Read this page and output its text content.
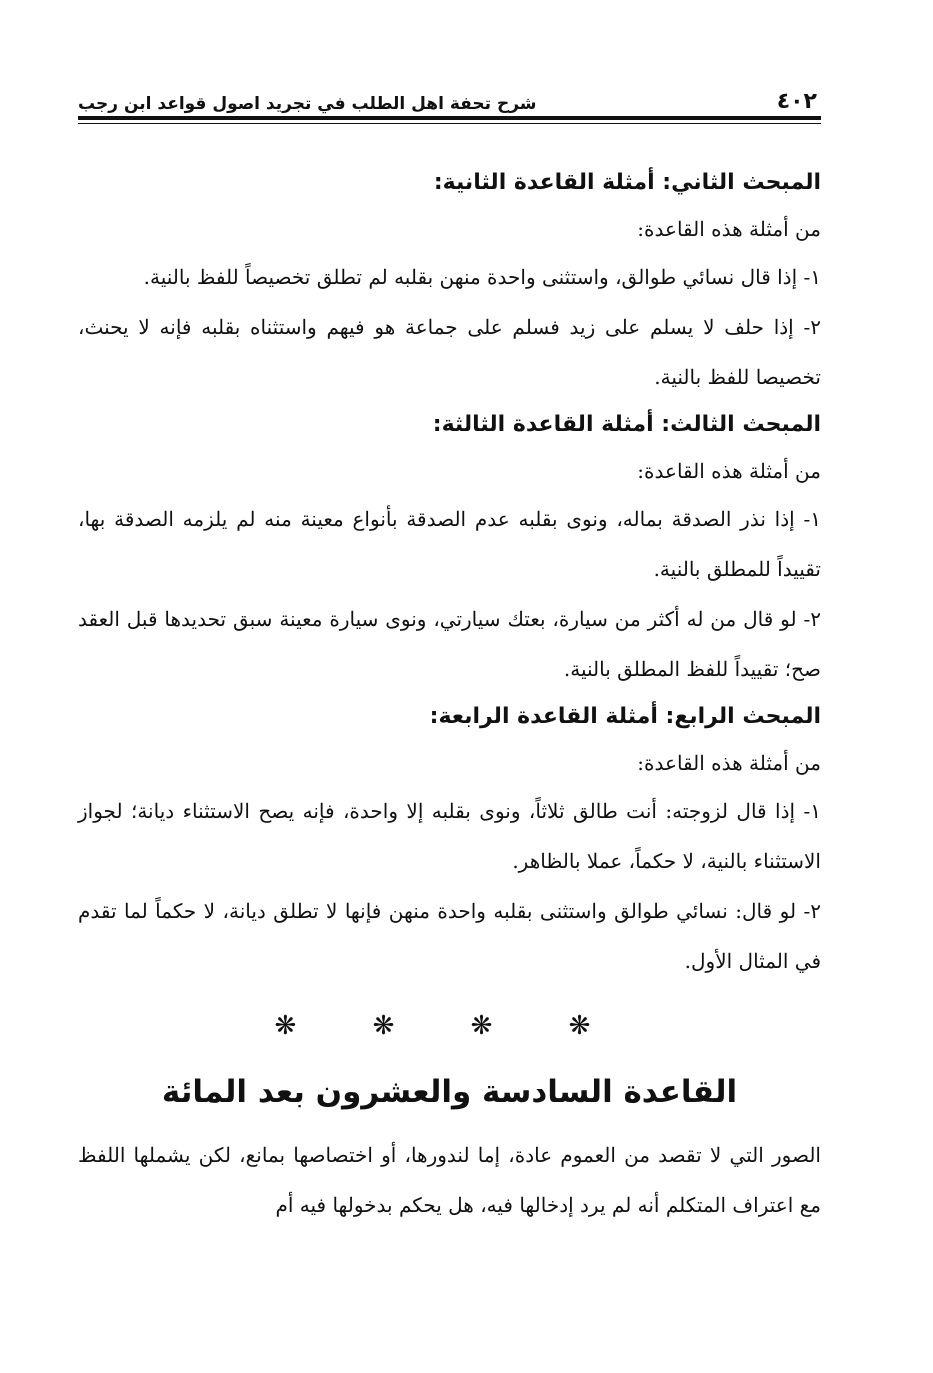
٤٠٢
شرح تحفة اهل الطلب في تجريد اصول قواعد ابن رجب
المبحث الثاني: أمثلة القاعدة الثانية:

من أمثلة هذه القاعدة:

١- إذا قال نسائي طوالق، واستثنى واحدة منهن بقلبه لم تطلق تخصيصاً للفظ بالنية.

٢- إذا حلف لا يسلم على زيد فسلم على جماعة هو فيهم واستثناه بقلبه فإنه لا يحنث، تخصيصا للفظ بالنية.

المبحث الثالث: أمثلة القاعدة الثالثة:

من أمثلة هذه القاعدة:

١- إذا نذر الصدقة بماله، ونوى بقلبه عدم الصدقة بأنواع معينة منه لم يلزمه الصدقة بها، تقييداً للمطلق بالنية.

٢- لو قال من له أكثر من سيارة، بعتك سيارتي، ونوى سيارة معينة سبق تحديدها قبل العقد صح؛ تقييداً للفظ المطلق بالنية.

المبحث الرابع: أمثلة القاعدة الرابعة:

من أمثلة هذه القاعدة:

١- إذا قال لزوجته: أنت طالق ثلاثاً، ونوى بقلبه إلا واحدة، فإنه يصح الاستثناء ديانة؛ لجواز الاستثناء بالنية، لا حكماً، عملا بالظاهر.

٢- لو قال: نسائي طوالق واستثنى بقلبه واحدة منهن فإنها لا تطلق ديانة، لا حكماً لما تقدم في المثال الأول.

❋ ❋ ❋ ❋
القاعدة السادسة والعشرون بعد المائة

الصور التي لا تقصد من العموم عادة، إما لندورها، أو اختصاصها بمانع، لكن يشملها اللفظ مع اعتراف المتكلم أنه لم يرد إدخالها فيه، هل يحكم بدخولها فيه أم
